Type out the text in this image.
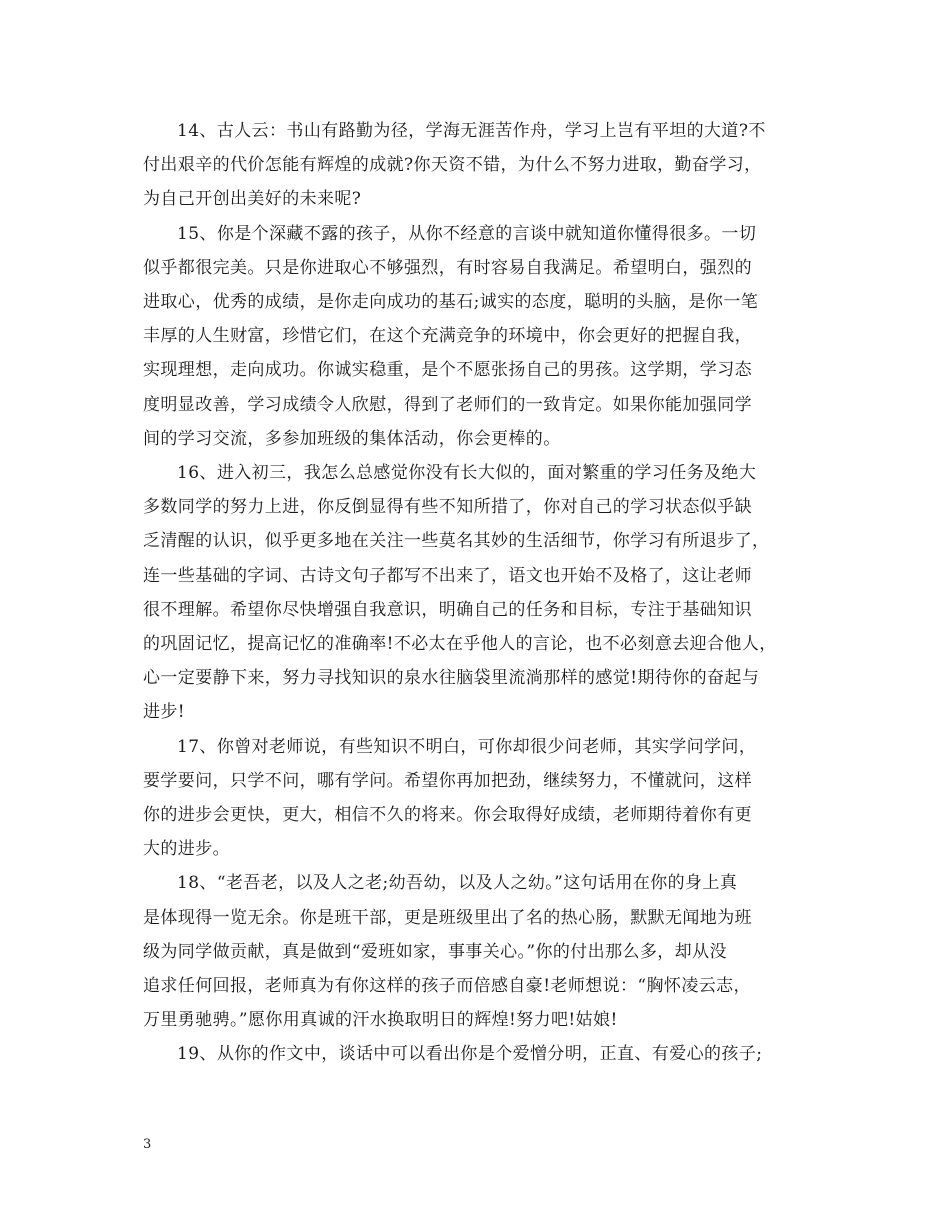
14、古人云：书山有路勤为径，学海无涯苦作舟，学习上岂有平坦的大道?不
付出艰辛的代价怎能有辉煌的成就?你天资不错，为什么不努力进取，勤奋学习，
为自己开创出美好的未来呢?

15、你是个深藏不露的孩子，从你不经意的言谈中就知道你懂得很多。一切
似乎都很完美。只是你进取心不够强烈，有时容易自我满足。希望明白，强烈的
进取心，优秀的成绩，是你走向成功的基石;诚实的态度，聪明的头脑，是你一笔
丰厚的人生财富，珍惜它们，在这个充满竞争的环境中，你会更好的把握自我，
实现理想，走向成功。你诚实稳重，是个不愿张扬自己的男孩。这学期，学习态
度明显改善，学习成绩令人欣慰，得到了老师们的一致肯定。如果你能加强同学
间的学习交流，多参加班级的集体活动，你会更棒的。

16、进入初三，我怎么总感觉你没有长大似的，面对繁重的学习任务及绝大
多数同学的努力上进，你反倒显得有些不知所措了，你对自己的学习状态似乎缺
乏清醒的认识，似乎更多地在关注一些莫名其妙的生活细节，你学习有所退步了，
连一些基础的字词、古诗文句子都写不出来了，语文也开始不及格了，这让老师
很不理解。希望你尽快增强自我意识，明确自己的任务和目标，专注于基础知识
的巩固记忆，提高记忆的准确率!不必太在乎他人的言论，也不必刻意去迎合他人，
心一定要静下来，努力寻找知识的泉水往脑袋里流淌那样的感觉!期待你的奋起与
进步!

17、你曾对老师说，有些知识不明白，可你却很少问老师，其实学问学问，
要学要问，只学不问，哪有学问。希望你再加把劲，继续努力，不懂就问，这样
你的进步会更快，更大，相信不久的将来。你会取得好成绩，老师期待着你有更
大的进步。

18、“老吾老，以及人之老;幼吾幼，以及人之幼。”这句话用在你的身上真
是体现得一览无余。你是班干部，更是班级里出了名的热心肠，默默无闻地为班
级为同学做贡献，真是做到“爱班如家，事事关心。”你的付出那么多，却从没
追求任何回报，老师真为有你这样的孩子而倍感自豪!老师想说：“胸怀凌云志，
万里勇驰骋。”愿你用真诚的汗水换取明日的辉煌!努力吧!姑娘!

19、从你的作文中，谈话中可以看出你是个爱憎分明，正直、有爱心的孩子;

3
